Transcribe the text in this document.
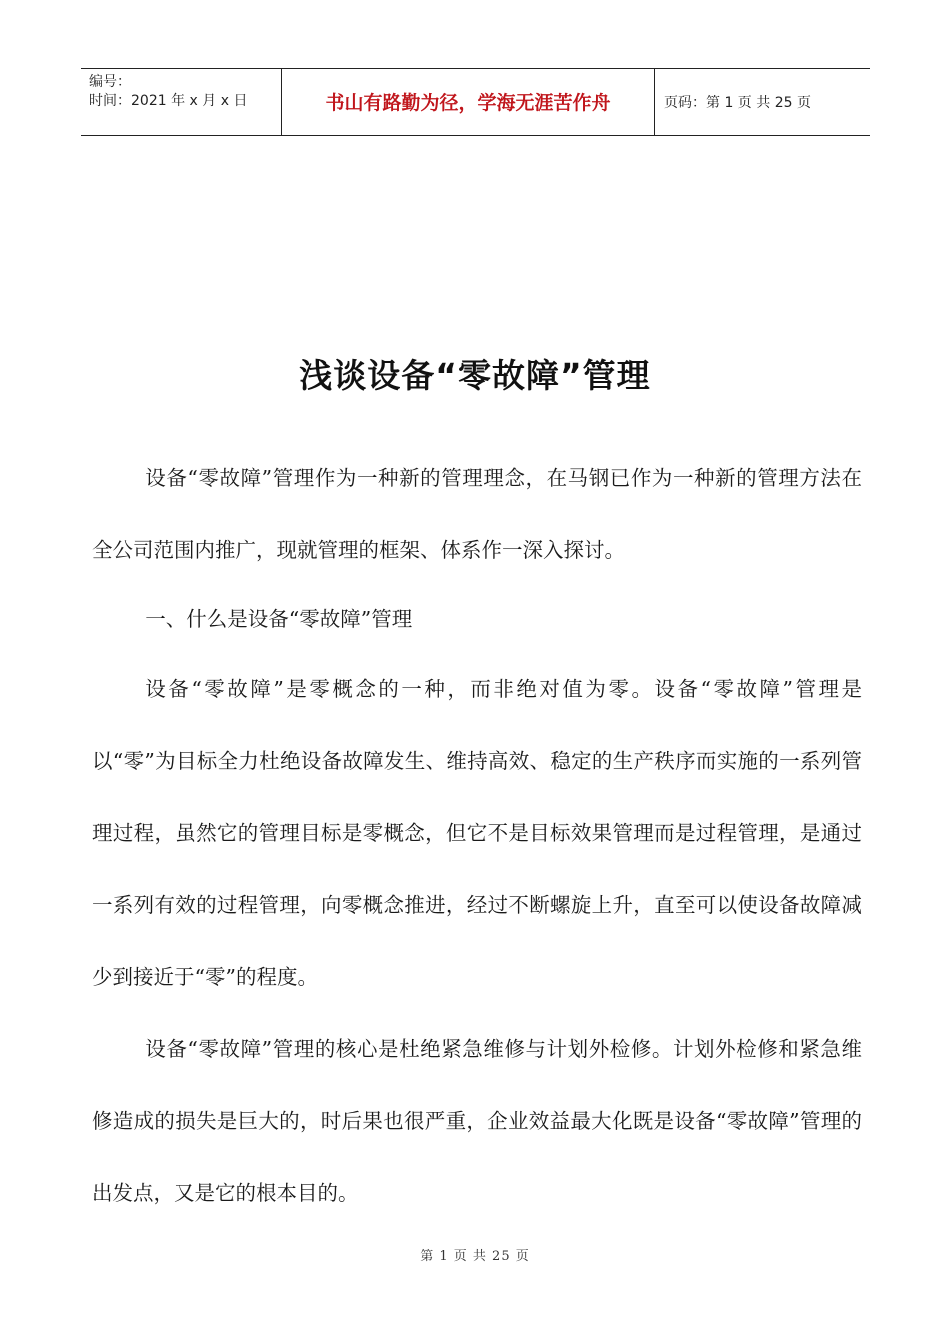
编号：
时间：2021 年 x 月 x 日	书山有路勤为径，学海无涯苦作舟	页码：第 1 页 共 25 页
浅谈设备“零故障”管理

设备“零故障”管理作为一种新的管理理念，在马钢已作为一种新的管理方法在全公司范围内推广，现就管理的框架、体系作一深入探讨。

一、什么是设备“零故障”管理

设备“零故障”是零概念的一种，而非绝对值为零。设备“零故障”管理是以“零”为目标全力杜绝设备故障发生、维持高效、稳定的生产秩序而实施的一系列管理过程，虽然它的管理目标是零概念，但它不是目标效果管理而是过程管理，是通过一系列有效的过程管理，向零概念推进，经过不断螺旋上升，直至可以使设备故障减少到接近于“零”的程度。

设备“零故障”管理的核心是杜绝紧急维修与计划外检修。计划外检修和紧急维修造成的损失是巨大的，时后果也很严重，企业效益最大化既是设备“零故障”管理的出发点，又是它的根本目的。

第 1 页 共 25 页
